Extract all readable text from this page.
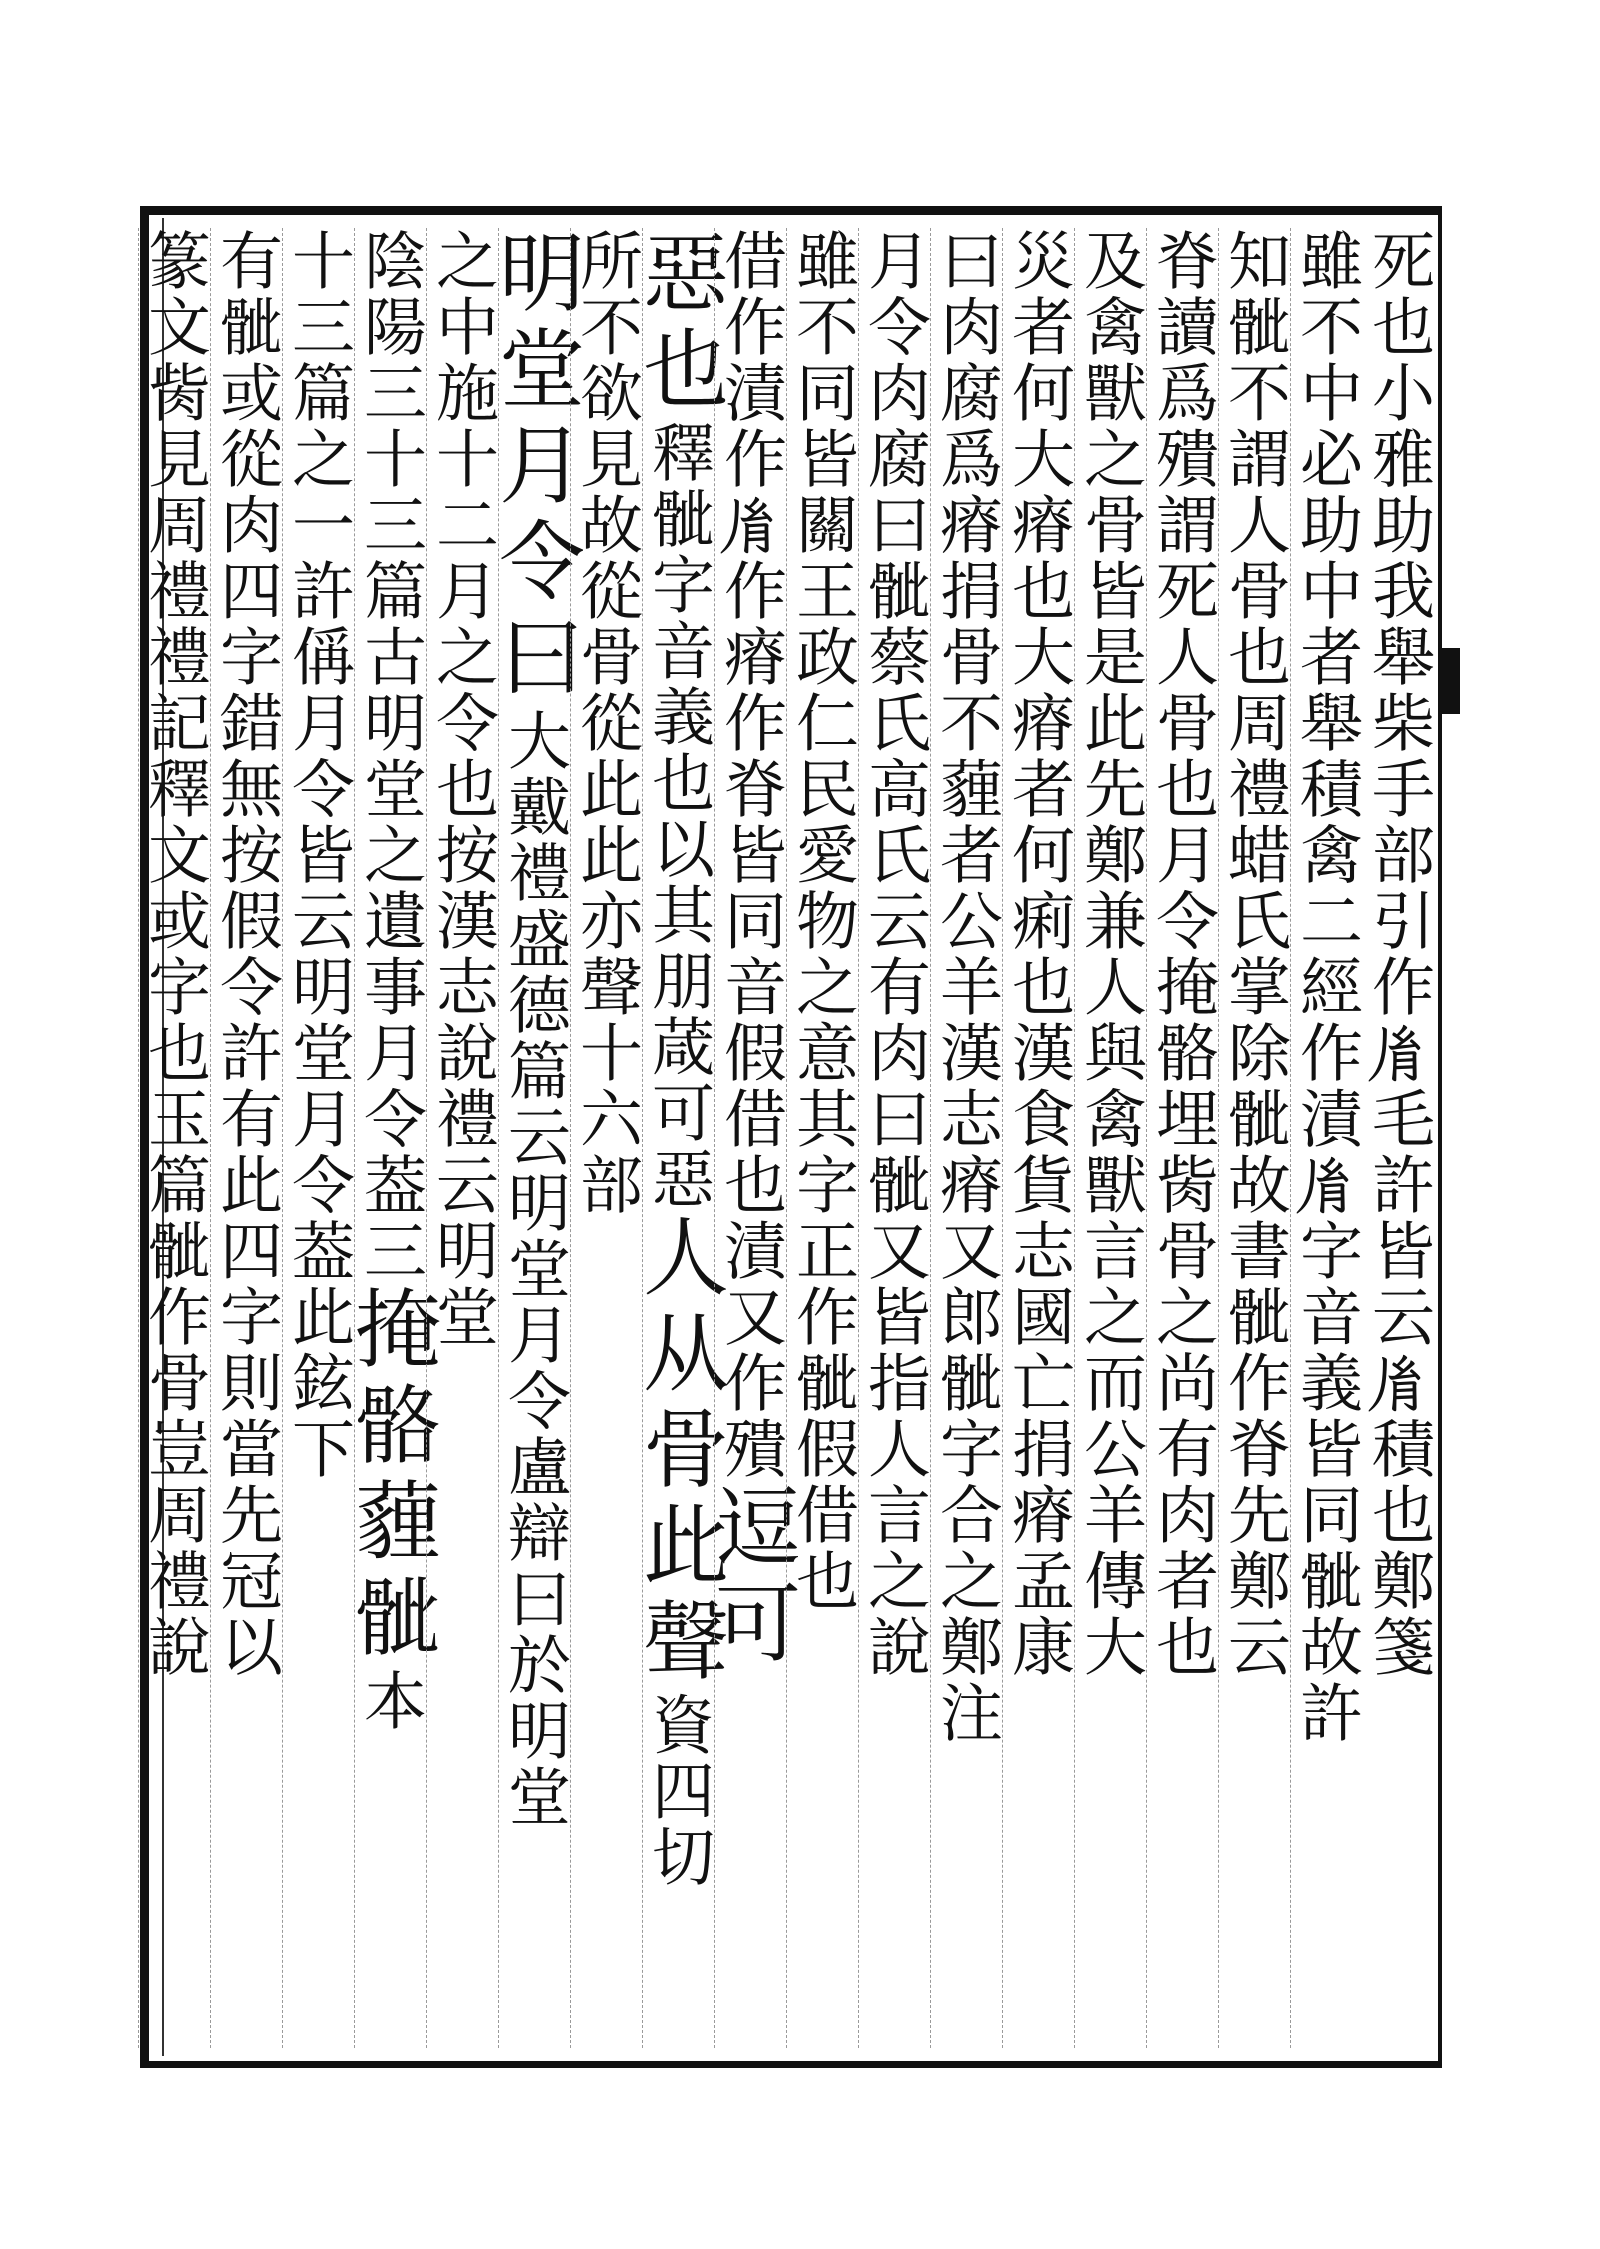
死也小雅助我舉柴手部引作𦙍毛許皆云𦙍積也鄭箋
雖不中必助中者舉積禽二經作漬𦙍字音義皆同骴故許
知骴不謂人骨也周禮蜡氏掌除骴故書骴作脊先鄭云
脊讀爲殨謂死人骨也月令掩骼埋胔骨之尚有肉者也
及禽獸之骨皆是此先鄭兼人與禽獸言之而公羊傳大
災者何大瘠也大瘠者何痢也漢食貨志國亡捐瘠孟康
曰肉腐爲瘠捐骨不薶者公羊漢志瘠又郎骴字合之鄭注
月令肉腐曰骴蔡氏高氏云有肉曰骴又皆指人言之說
雖不同皆關王政仁民愛物之意其字正作骴假借也
借作漬作𦙍作瘠作脊皆同音假借也漬又作殨逗可
惡也釋骴字音義也以其朋葴可惡人从骨此聲資四切
所不欲見故從骨從此此亦聲十六部
明堂月令曰大戴禮盛德篇云明堂月令盧辯曰於明堂
之中施十二月之令也按漢志說禮云明堂
陰陽三十三篇古明堂之遺事月令葢三掩骼薶骴本
十三篇之一許偁月令皆云明堂月令葢此鉉下
有骴或從肉四字錯無按假令許有此四字則當先冠以
篆文胔見周禮禮記釋文或字也玉篇骴作骨豈周禮說
